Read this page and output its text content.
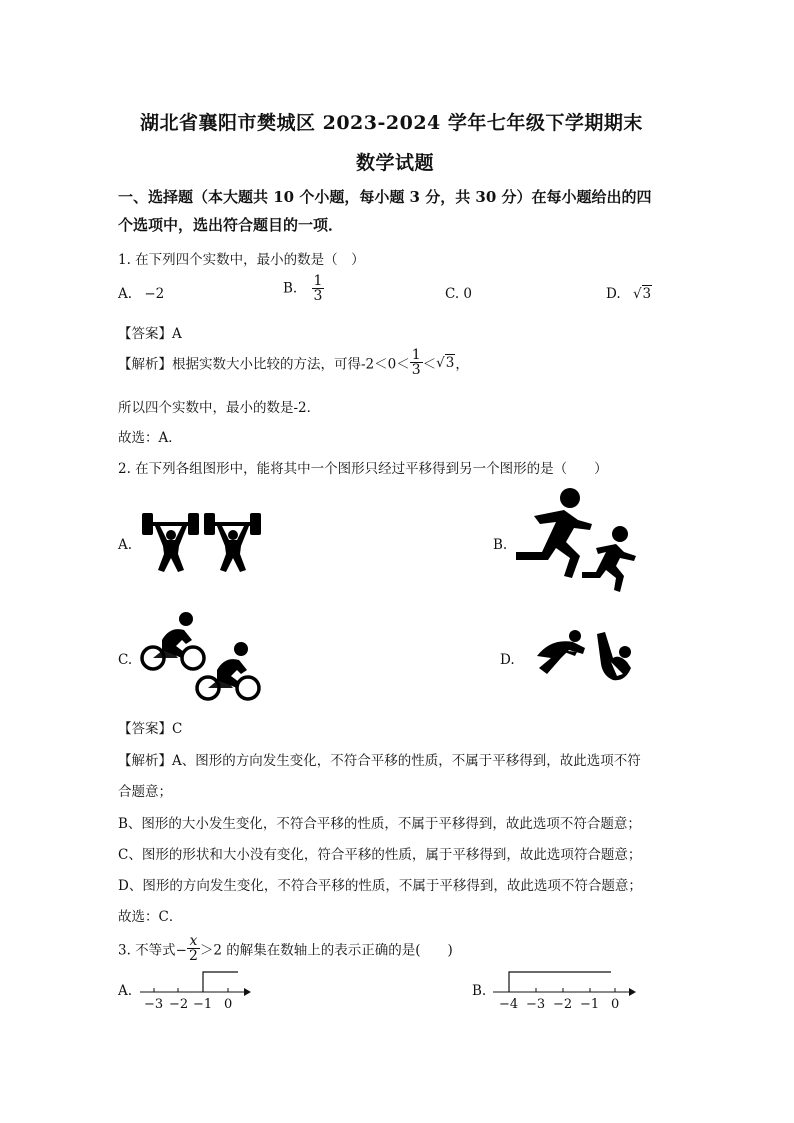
湖北省襄阳市樊城区 2023-2024 学年七年级下学期期末
数学试题
一、选择题（本大题共 10 个小题，每小题 3 分，共 30 分）在每小题给出的四
个选项中，选出符合题目的一项．
1. 在下列四个实数中，最小的数是（　）
A. −2	B. $\frac{1}{3}$	C. 0	D. √3
【答案】A
【解析】根据实数大小比较的方法，可得$-2<0< \frac{1}{3} <√3$，
所以四个实数中，最小的数是-2．
故选：A．
2. 在下列各组图形中，能将其中一个图形只经过平移得到另一个图形的是（　　）
A.	B.
C.	D.
【答案】C
【解析】A、图形的方向发生变化，不符合平移的性质，不属于平移得到，故此选项不符
合题意；
B、图形的大小发生变化，不符合平移的性质，不属于平移得到，故此选项不符合题意；
C、图形的形状和大小没有变化，符合平移的性质，属于平移得到，故此选项符合题意；
D、图形的方向发生变化，不符合平移的性质，不属于平移得到，故此选项不符合题意；
故选：C．
3. 不等式− $\frac{x}{2} >2$ 的解集在数轴上的表示正确的是(　　)
A.
−3 −2 −1 0
B.
−4 −3 −2 −1 0
